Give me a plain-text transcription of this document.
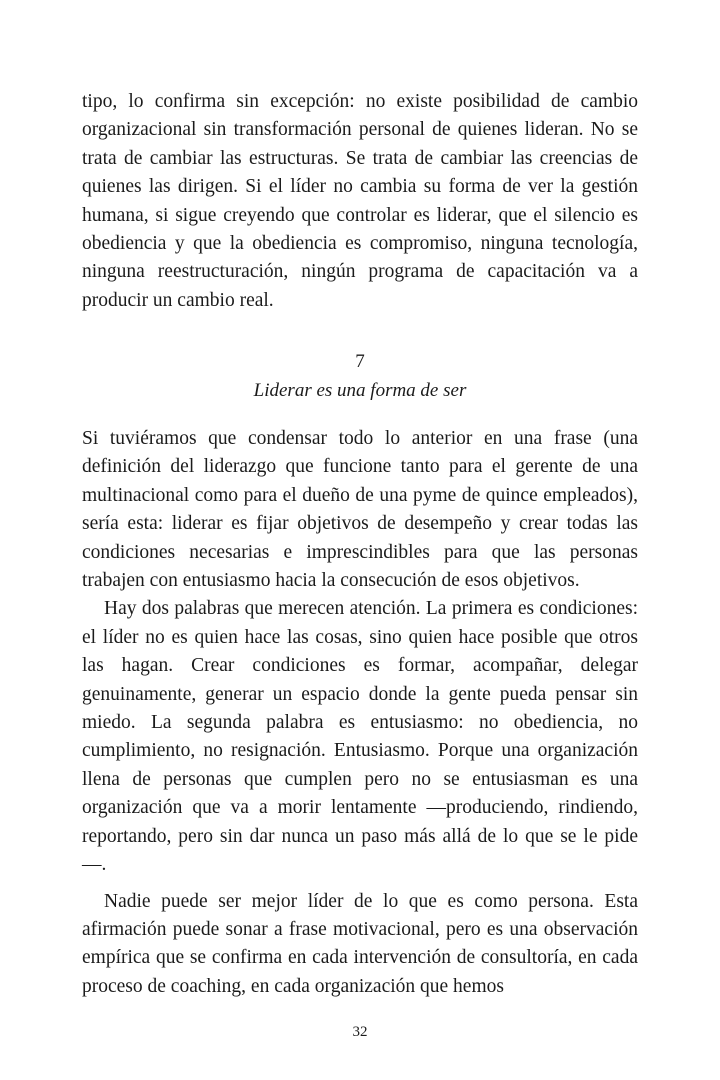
tipo, lo confirma sin excepción: no existe posibilidad de cambio organizacional sin transformación personal de quienes lideran. No se trata de cambiar las estructuras. Se trata de cambiar las creencias de quienes las dirigen. Si el líder no cambia su forma de ver la gestión humana, si sigue creyendo que controlar es liderar, que el silencio es obediencia y que la obediencia es compromiso, ninguna tecnología, ninguna reestructuración, ningún programa de capacitación va a producir un cambio real.

7
Liderar es una forma de ser

Si tuviéramos que condensar todo lo anterior en una frase (una definición del liderazgo que funcione tanto para el gerente de una multinacional como para el dueño de una pyme de quince empleados), sería esta: liderar es fijar objetivos de desempeño y crear todas las condiciones necesarias e imprescindibles para que las personas trabajen con entusiasmo hacia la consecución de esos objetivos.

Hay dos palabras que merecen atención. La primera es condiciones: el líder no es quien hace las cosas, sino quien hace posible que otros las hagan. Crear condiciones es formar, acompañar, delegar genuinamente, generar un espacio donde la gente pueda pensar sin miedo. La segunda palabra es entusiasmo: no obediencia, no cumplimiento, no resignación. Entusiasmo. Porque una organización llena de personas que cumplen pero no se entusiasman es una organización que va a morir lentamente —produciendo, rindiendo, reportando, pero sin dar nunca un paso más allá de lo que se le pide —.

Nadie puede ser mejor líder de lo que es como persona. Esta afirmación puede sonar a frase motivacional, pero es una observación empírica que se confirma en cada intervención de consultoría, en cada proceso de coaching, en cada organización que hemos

32
